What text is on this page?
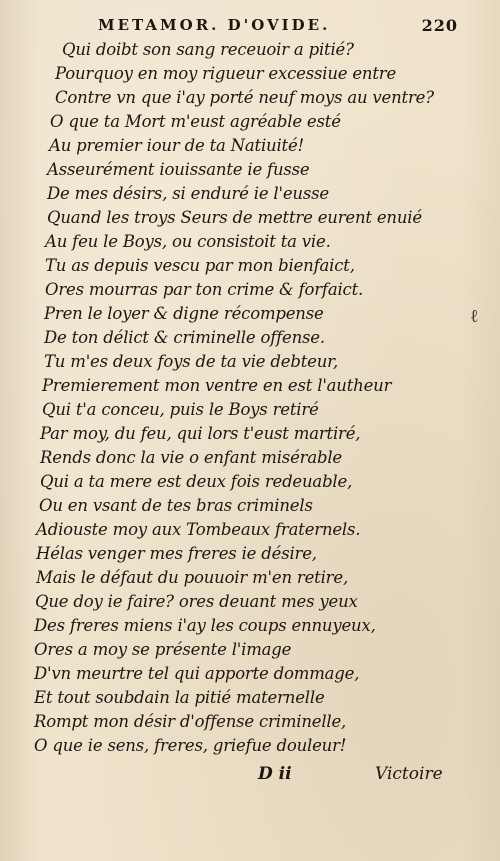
METAMOR. D'OVIDE.	220
Qui doibt son sang receuoir a pitié?
Pourquoy en moy rigueur excessiue entre
Contre vn que i'ay porté neuf moys au ventre?
O que ta Mort m'eust agréable esté
Au premier iour de ta Natiuité!
Asseurément iouissante ie fusse
De mes désirs, si enduré ie l'eusse
Quand les troys Seurs de mettre eurent enuié
Au feu le Boys, ou consistoit ta vie.
Tu as depuis vescu par mon bienfaict,
Ores mourras par ton crime & forfaict.
Pren le loyer & digne récompense
De ton délict & criminelle offense.
Tu m'es deux foys de ta vie debteur,
Premierement mon ventre en est l'autheur
Qui t'a conceu, puis le Boys retiré
Par moy, du feu, qui lors t'eust martiré,
Rends donc la vie o enfant misérable
Qui a ta mere est deux fois redeuable,
Ou en vsant de tes bras criminels
Adiouste moy aux Tombeaux fraternels.
Hélas venger mes freres ie désire,
Mais le défaut du pouuoir m'en retire,
Que doy ie faire? ores deuant mes yeux
Des freres miens i'ay les coups ennuyeux,
Ores a moy se présente l'image
D'vn meurtre tel qui apporte dommage,
Et tout soubdain la pitié maternelle
Rompt mon désir d'offense criminelle,
O que ie sens, freres, griefue douleur!
ℓ
D ii	Victoire
